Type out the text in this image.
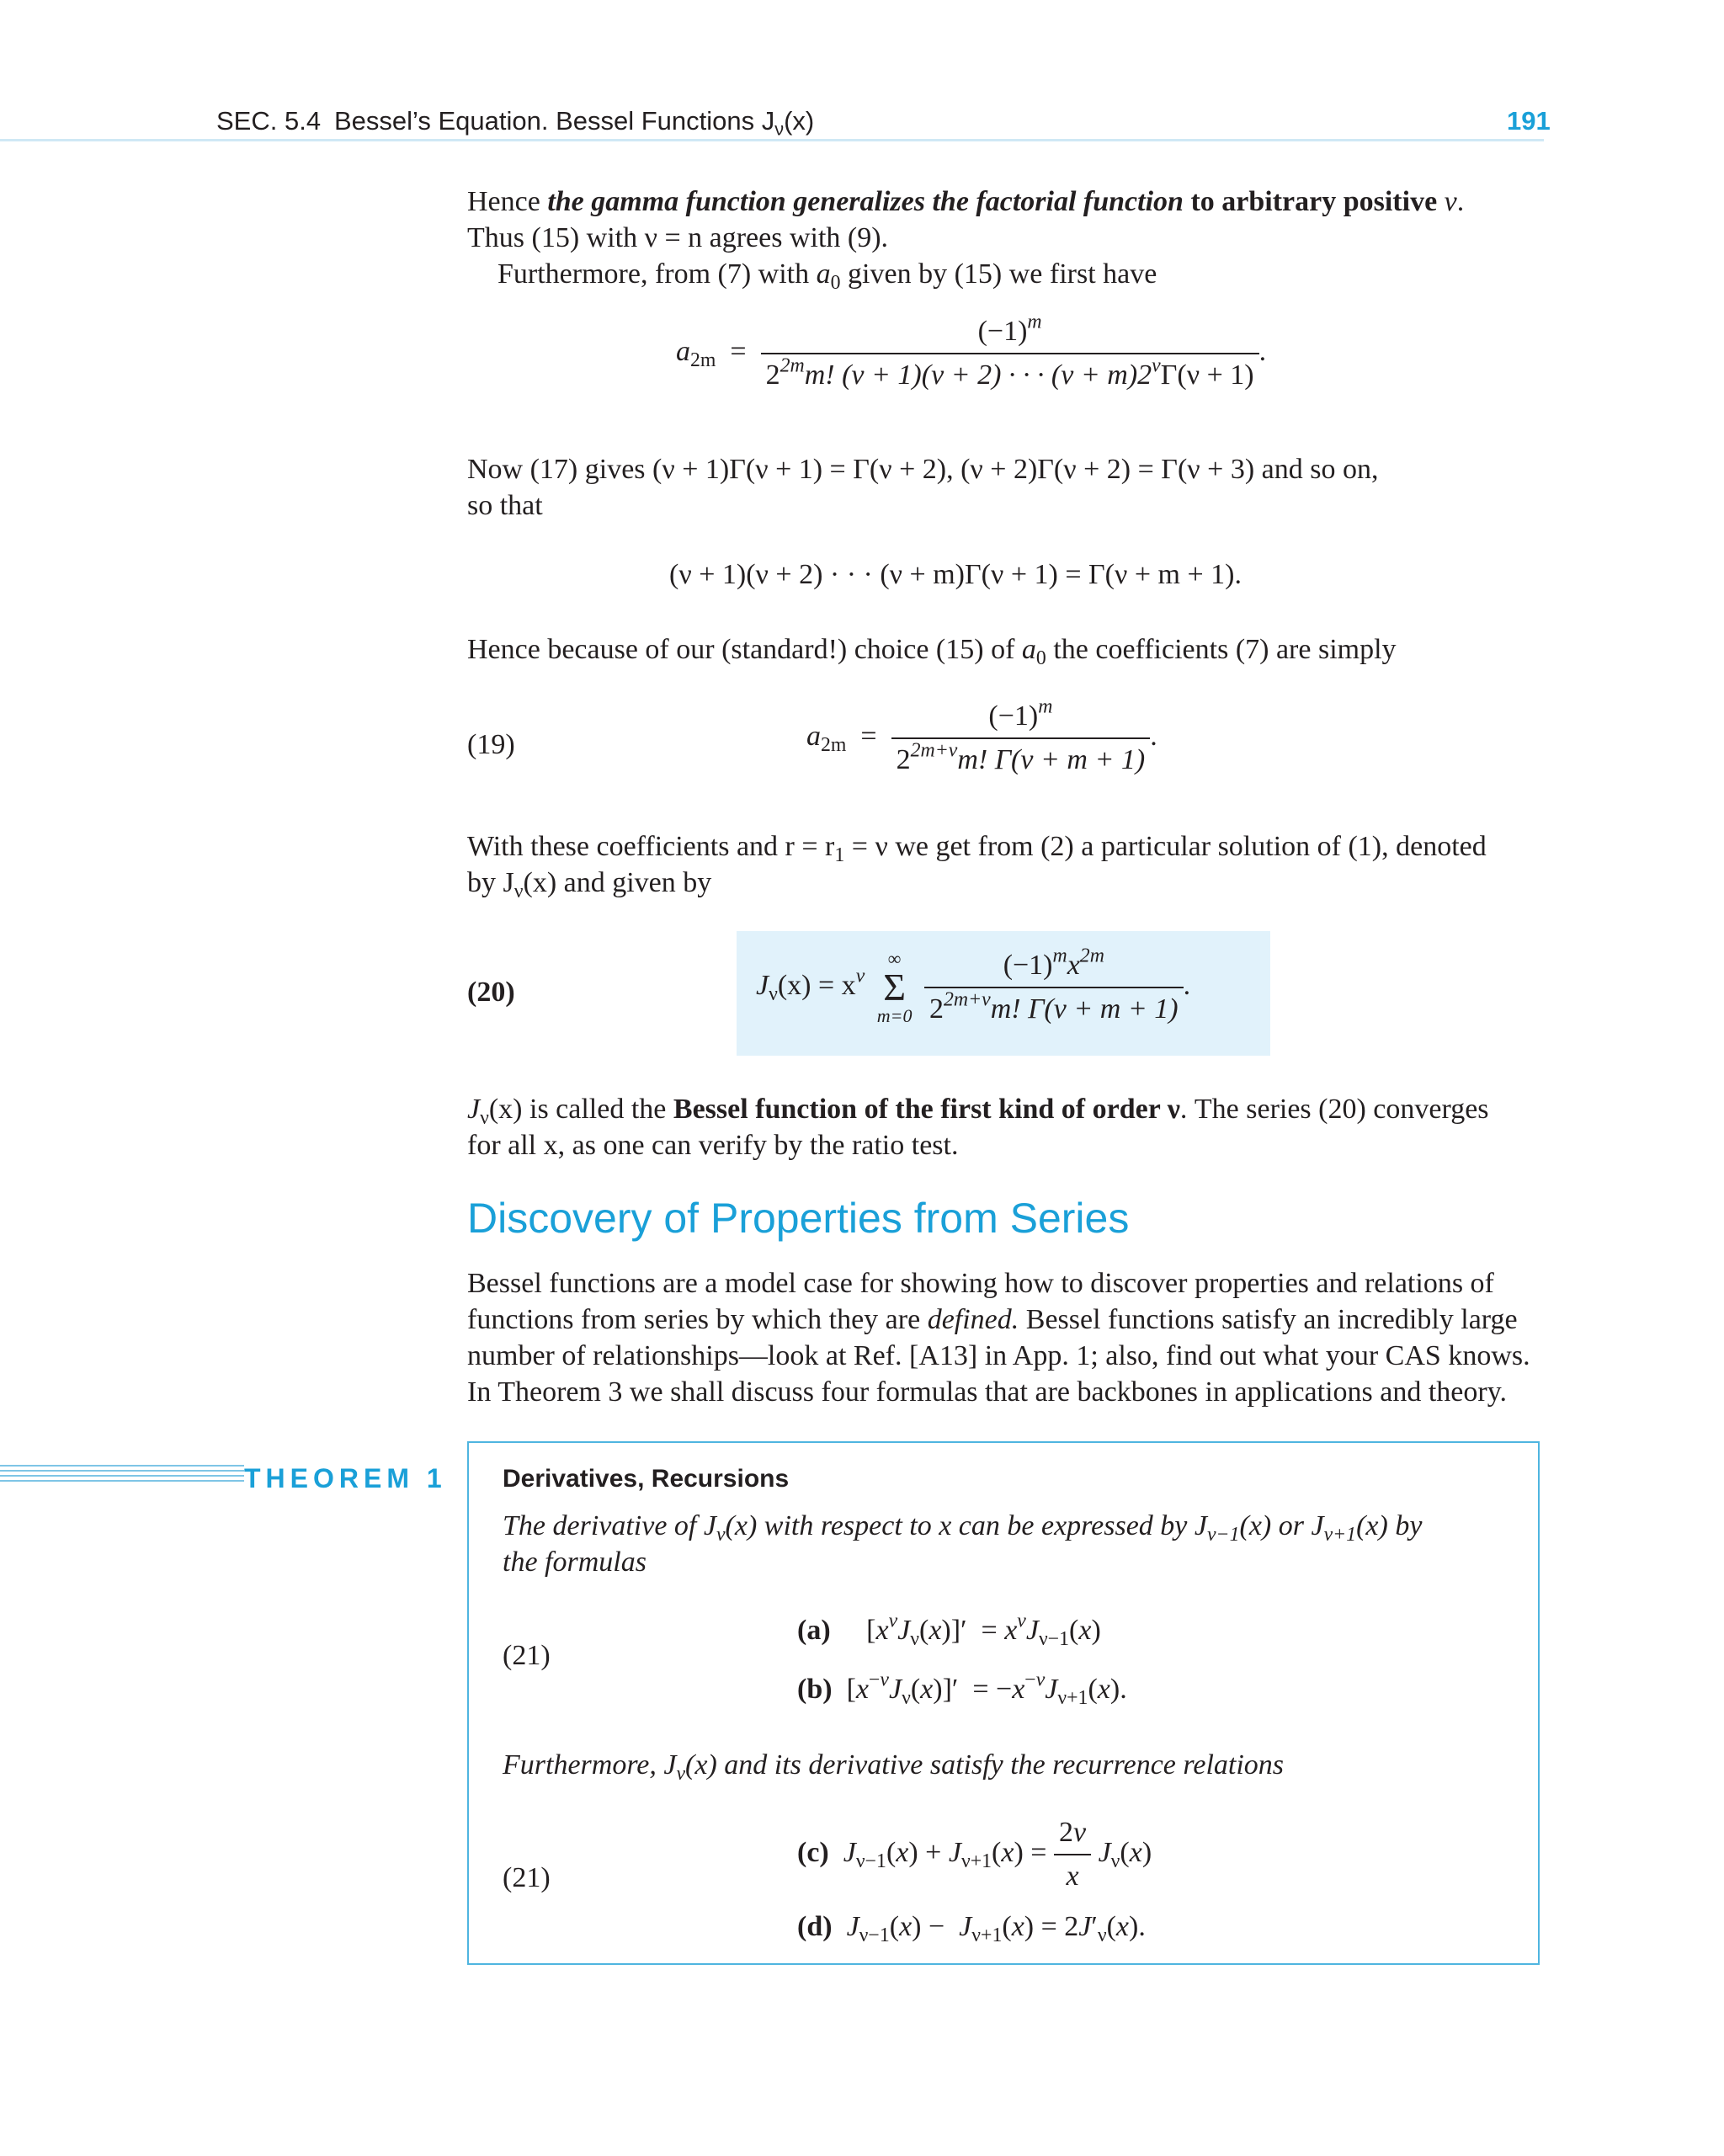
SEC. 5.4 Bessel’s Equation. Bessel Functions $J_\nu(x)$	191

Hence the gamma function generalizes the factorial function to arbitrary positive ν.

Thus (15) with ν = n agrees with (9).

Furthermore, from (7) with $a_0$ given by (15) we first have

$a_{2m} = \frac{(-1)^m}{2^{2m}m! (\nu + 1)(\nu + 2) \cdot \cdot \cdot (\nu + m)2^\nu\Gamma(\nu + 1)}$ .

Now (17) gives (ν + 1)Γ(ν + 1) = Γ(ν + 2), (ν + 2)Γ(ν + 2) = Γ(ν + 3) and so on,

so that

(ν + 1)(ν + 2) · · · (ν + m)Γ(ν + 1) = Γ(ν + m + 1).

Hence because of our (standard!) choice (15) of $a_0$ the coefficients (7) are simply

(19)	$a_{2m} = \frac{(-1)^m}{2^{2m+\nu}m! \Gamma(\nu + m + 1)}$ .

With these coefficients and $r = r_1 = \nu$ we get from (2) a particular solution of (1), denoted

by $J_\nu(x)$ and given by

(20)	$J_\nu(x) = x^\nu$
∞
Σ
m=0
$\frac{(-1)^mx^{2m}}{2^{2m+\nu}m! \Gamma(\nu + m + 1)}$ .

$J_\nu(x)$ is called the Bessel function of the first kind of order ν. The series (20) converges

for all x, as one can verify by the ratio test.

Discovery of Properties from Series

Bessel functions are a model case for showing how to discover properties and relations of

functions from series by which they are defined. Bessel functions satisfy an incredibly large

number of relationships—look at Ref. [A13] in App. 1; also, find out what your CAS knows.

In Theorem 3 we shall discuss four formulas that are backbones in applications and theory.

THEOREM 1 Derivatives, Recursions
The derivative of $J_\nu(x)$ with respect to x can be expressed by $J_{\nu-1}(x)$ or $J_{\nu+1}(x)$ by
the formulas
(21)
(a)     $[x^\nu J_\nu(x)]' = x^\nu J_{\nu-1}(x)$
(b)  $[x^{-\nu}J_\nu(x)]' = -x^{-\nu}J_{\nu+1}(x)$.
Furthermore, $J_\nu(x)$ and its derivative satisfy the recurrence relations
(21)
(c) $J_{\nu-1}(x) + J_{\nu+1}(x) = \frac{2\nu}{x} J_\nu(x)$
(d) $J_{\nu-1}(x) - J_{\nu+1}(x) = 2J'_\nu(x)$.
